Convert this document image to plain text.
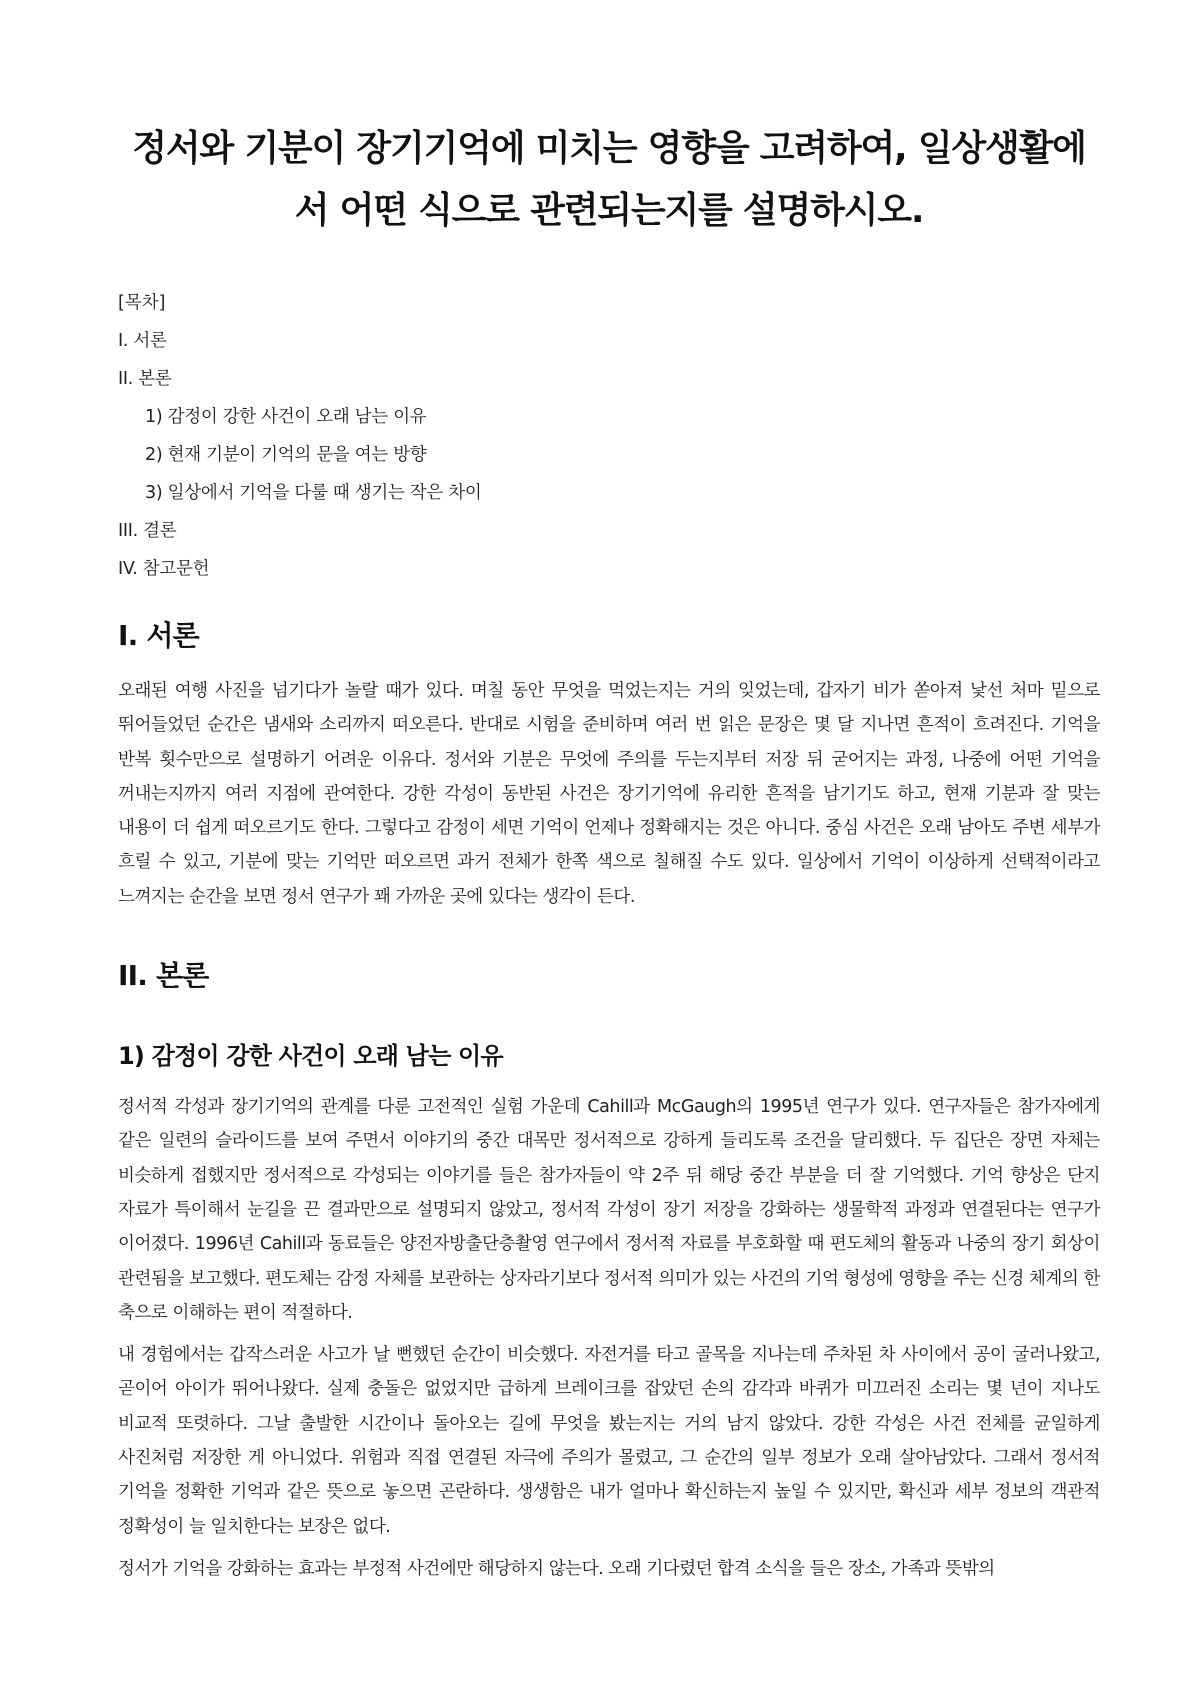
정서와 기분이 장기기억에 미치는 영향을 고려하여, 일상생활에서 어떤 식으로 관련되는지를 설명하시오.

[목차]

I. 서론
II. 본론
1) 감정이 강한 사건이 오래 남는 이유
2) 현재 기분이 기억의 문을 여는 방향
3) 일상에서 기억을 다룰 때 생기는 작은 차이
III. 결론
IV. 참고문헌
I. 서론

오래된 여행 사진을 넘기다가 놀랄 때가 있다. 며칠 동안 무엇을 먹었는지는 거의 잊었는데, 갑자기 비가 쏟아져 낯선 처마 밑으로 뛰어들었던 순간은 냄새와 소리까지 떠오른다. 반대로 시험을 준비하며 여러 번 읽은 문장은 몇 달 지나면 흔적이 흐려진다. 기억을 반복 횟수만으로 설명하기 어려운 이유다. 정서와 기분은 무엇에 주의를 두는지부터 저장 뒤 굳어지는 과정, 나중에 어떤 기억을 꺼내는지까지 여러 지점에 관여한다. 강한 각성이 동반된 사건은 장기기억에 유리한 흔적을 남기기도 하고, 현재 기분과 잘 맞는 내용이 더 쉽게 떠오르기도 한다. 그렇다고 감정이 세면 기억이 언제나 정확해지는 것은 아니다. 중심 사건은 오래 남아도 주변 세부가 흐릴 수 있고, 기분에 맞는 기억만 떠오르면 과거 전체가 한쪽 색으로 칠해질 수도 있다. 일상에서 기억이 이상하게 선택적이라고 느껴지는 순간을 보면 정서 연구가 꽤 가까운 곳에 있다는 생각이 든다.

II. 본론
1) 감정이 강한 사건이 오래 남는 이유

정서적 각성과 장기기억의 관계를 다룬 고전적인 실험 가운데 Cahill과 McGaugh의 1995년 연구가 있다. 연구자들은 참가자에게 같은 일련의 슬라이드를 보여 주면서 이야기의 중간 대목만 정서적으로 강하게 들리도록 조건을 달리했다. 두 집단은 장면 자체는 비슷하게 접했지만 정서적으로 각성되는 이야기를 들은 참가자들이 약 2주 뒤 해당 중간 부분을 더 잘 기억했다. 기억 향상은 단지 자료가 특이해서 눈길을 끈 결과만으로 설명되지 않았고, 정서적 각성이 장기 저장을 강화하는 생물학적 과정과 연결된다는 연구가 이어졌다. 1996년 Cahill과 동료들은 양전자방출단층촬영 연구에서 정서적 자료를 부호화할 때 편도체의 활동과 나중의 장기 회상이 관련됨을 보고했다. 편도체는 감정 자체를 보관하는 상자라기보다 정서적 의미가 있는 사건의 기억 형성에 영향을 주는 신경 체계의 한 축으로 이해하는 편이 적절하다.

내 경험에서는 갑작스러운 사고가 날 뻔했던 순간이 비슷했다. 자전거를 타고 골목을 지나는데 주차된 차 사이에서 공이 굴러나왔고, 곧이어 아이가 뛰어나왔다. 실제 충돌은 없었지만 급하게 브레이크를 잡았던 손의 감각과 바퀴가 미끄러진 소리는 몇 년이 지나도 비교적 또렷하다. 그날 출발한 시간이나 돌아오는 길에 무엇을 봤는지는 거의 남지 않았다. 강한 각성은 사건 전체를 균일하게 사진처럼 저장한 게 아니었다. 위험과 직접 연결된 자극에 주의가 몰렸고, 그 순간의 일부 정보가 오래 살아남았다. 그래서 정서적 기억을 정확한 기억과 같은 뜻으로 놓으면 곤란하다. 생생함은 내가 얼마나 확신하는지 높일 수 있지만, 확신과 세부 정보의 객관적 정확성이 늘 일치한다는 보장은 없다.

정서가 기억을 강화하는 효과는 부정적 사건에만 해당하지 않는다. 오래 기다렸던 합격 소식을 들은 장소, 가족과 뜻밖의
